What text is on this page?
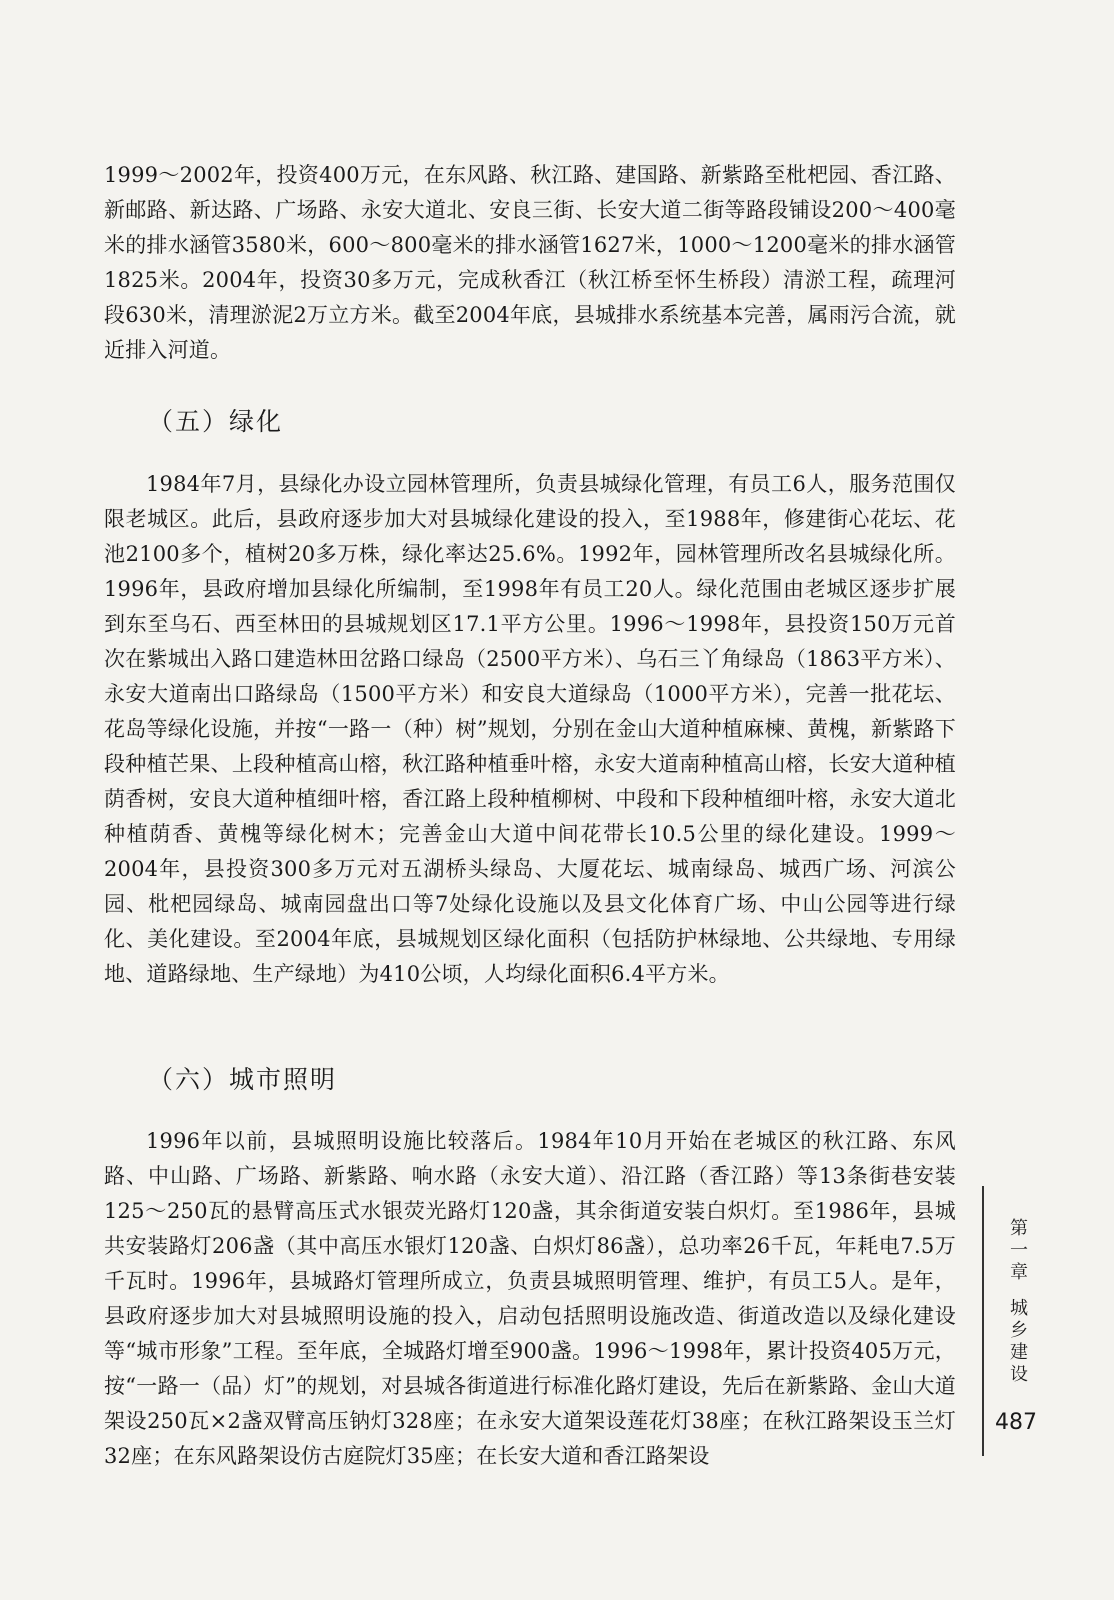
1999～2002年，投资400万元，在东风路、秋江路、建国路、新紫路至枇杷园、香江路、新邮路、新达路、广场路、永安大道北、安良三街、长安大道二街等路段铺设200～400毫米的排水涵管3580米，600～800毫米的排水涵管1627米，1000～1200毫米的排水涵管1825米。2004年，投资30多万元，完成秋香江（秋江桥至怀生桥段）清淤工程，疏理河段630米，清理淤泥2万立方米。截至2004年底，县城排水系统基本完善，属雨污合流，就近排入河道。

（五）绿化

1984年7月，县绿化办设立园林管理所，负责县城绿化管理，有员工6人，服务范围仅限老城区。此后，县政府逐步加大对县城绿化建设的投入，至1988年，修建街心花坛、花池2100多个，植树20多万株，绿化率达25.6%。1992年，园林管理所改名县城绿化所。1996年，县政府增加县绿化所编制，至1998年有员工20人。绿化范围由老城区逐步扩展到东至乌石、西至林田的县城规划区17.1平方公里。1996～1998年，县投资150万元首次在紫城出入路口建造林田岔路口绿岛（2500平方米）、乌石三丫角绿岛（1863平方米）、永安大道南出口路绿岛（1500平方米）和安良大道绿岛（1000平方米），完善一批花坛、花岛等绿化设施，并按“一路一（种）树”规划，分别在金山大道种植麻楝、黄槐，新紫路下段种植芒果、上段种植高山榕，秋江路种植垂叶榕，永安大道南种植高山榕，长安大道种植荫香树，安良大道种植细叶榕，香江路上段种植柳树、中段和下段种植细叶榕，永安大道北种植荫香、黄槐等绿化树木；完善金山大道中间花带长10.5公里的绿化建设。1999～2004年，县投资300多万元对五湖桥头绿岛、大厦花坛、城南绿岛、城西广场、河滨公园、枇杷园绿岛、城南园盘出口等7处绿化设施以及县文化体育广场、中山公园等进行绿化、美化建设。至2004年底，县城规划区绿化面积（包括防护林绿地、公共绿地、专用绿地、道路绿地、生产绿地）为410公顷，人均绿化面积6.4平方米。

（六）城市照明

1996年以前，县城照明设施比较落后。1984年10月开始在老城区的秋江路、东风路、中山路、广场路、新紫路、响水路（永安大道）、沿江路（香江路）等13条街巷安装125～250瓦的悬臂高压式水银荧光路灯120盏，其余街道安装白炽灯。至1986年，县城共安装路灯206盏（其中高压水银灯120盏、白炽灯86盏），总功率26千瓦，年耗电7.5万千瓦时。1996年，县城路灯管理所成立，负责县城照明管理、维护，有员工5人。是年，县政府逐步加大对县城照明设施的投入，启动包括照明设施改造、街道改造以及绿化建设等“城市形象”工程。至年底，全城路灯增至900盏。1996～1998年，累计投资405万元，按“一路一（品）灯”的规划，对县城各街道进行标准化路灯建设，先后在新紫路、金山大道架设250瓦×2盏双臂高压钠灯328座；在永安大道架设莲花灯38座；在秋江路架设玉兰灯32座；在东风路架设仿古庭院灯35座；在长安大道和香江路架设

第一章城乡建设
487
